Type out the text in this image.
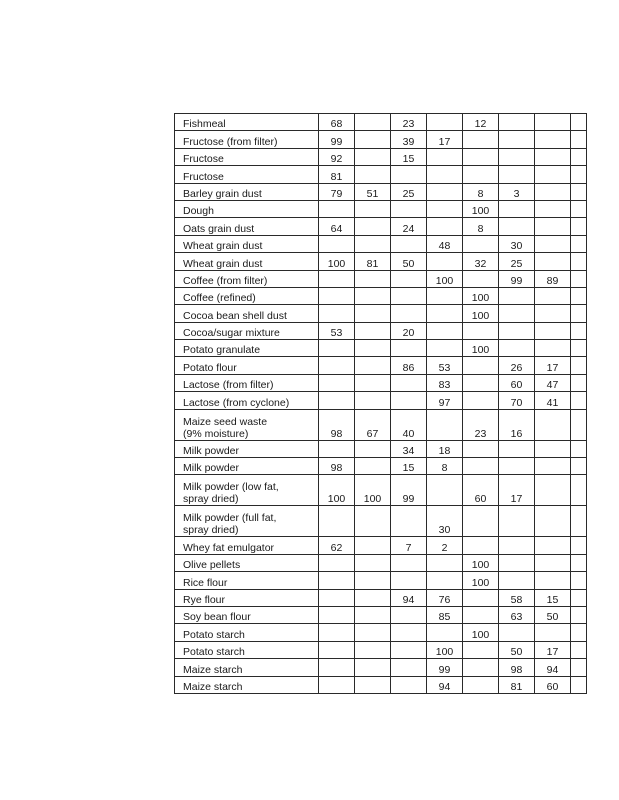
Fishmeal	68		23		12			
Fructose (from filter)	99		39	17				
Fructose	92		15					
Fructose	81							
Barley grain dust	79	51	25		8	3		
Dough					100			
Oats grain dust	64		24		8			
Wheat grain dust				48		30		
Wheat grain dust	100	81	50		32	25		
Coffee (from filter)				100		99	89	
Coffee (refined)					100			
Cocoa bean shell dust					100			
Cocoa/sugar mixture	53		20					
Potato granulate					100			
Potato flour			86	53		26	17	
Lactose (from filter)				83		60	47	
Lactose (from cyclone)				97		70	41	
Maize seed waste
(9% moisture)	98	67	40		23	16		
Milk powder			34	18				
Milk powder	98		15	8				
Milk powder (low fat,
spray dried)	100	100	99		60	17		
Milk powder (full fat,
spray dried)				30				
Whey fat emulgator	62		7	2				
Olive pellets					100			
Rice flour					100			
Rye flour			94	76		58	15	
Soy bean flour				85		63	50	
Potato starch					100			
Potato starch				100		50	17	
Maize starch				99		98	94	
Maize starch				94		81	60	
